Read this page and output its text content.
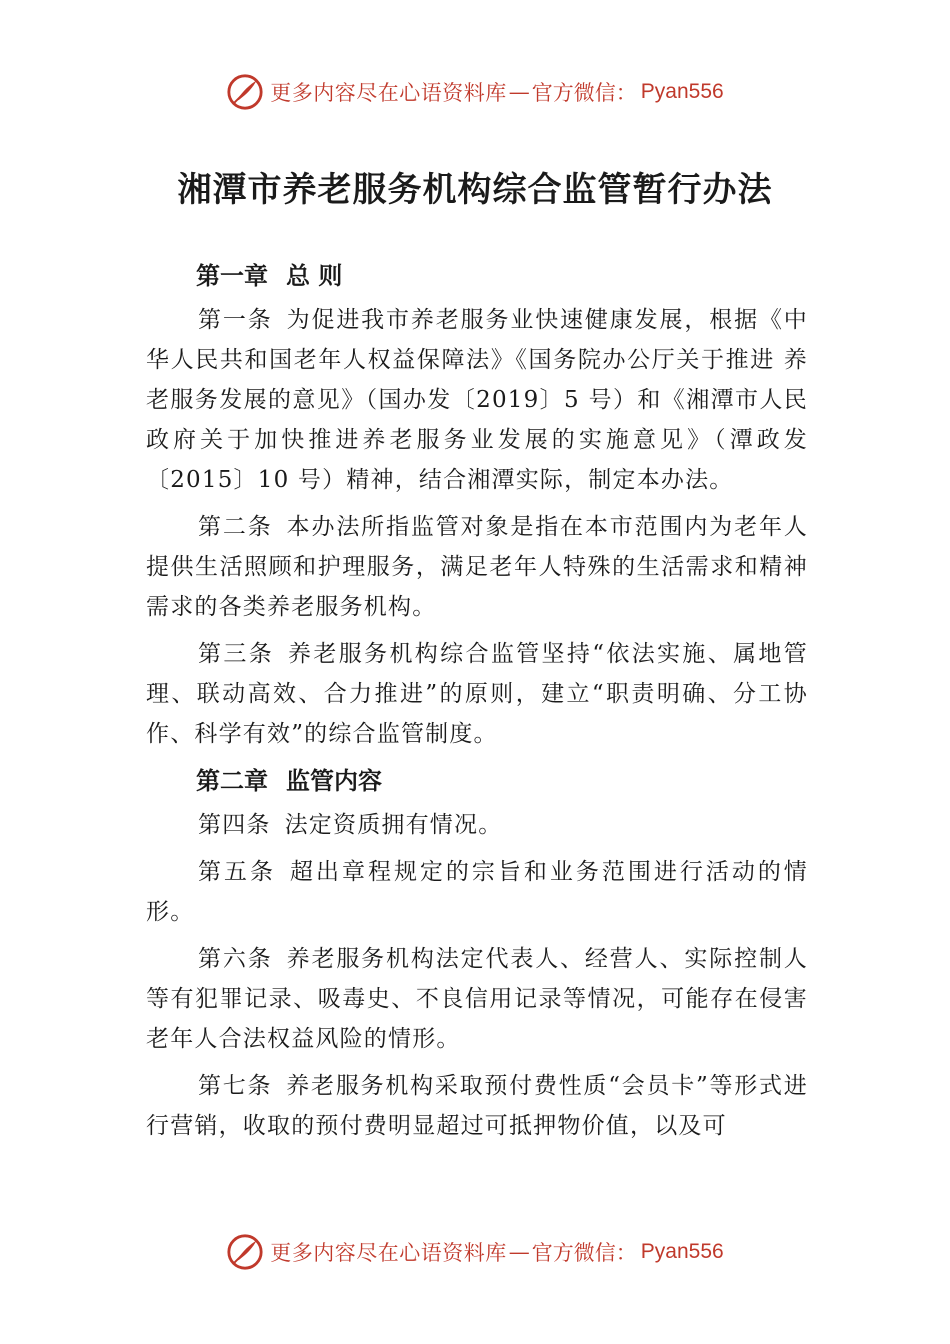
更多内容尽在心语资料库 — 官方微信： Pyan556
湘潭市养老服务机构综合监管暂行办法
第一章 总 则

第一条 为促进我市养老服务业快速健康发展，根据《中华人民共和国老年人权益保障法》《国务院办公厅关于推进 养老服务发展的意见》（国办发〔2019〕5 号）和《湘潭市人民政府关于加快推进养老服务业发展的实施意见》（潭政发〔2015〕10 号）精神，结合湘潭实际，制定本办法。

第二条 本办法所指监管对象是指在本市范围内为老年人提供生活照顾和护理服务，满足老年人特殊的生活需求和精神需求的各类养老服务机构。

第三条 养老服务机构综合监管坚持“依法实施、属地管理、联动高效、合力推进”的原则，建立“职责明确、分工协作、科学有效”的综合监管制度。

第二章 监管内容

第四条 法定资质拥有情况。

第五条 超出章程规定的宗旨和业务范围进行活动的情形。

第六条 养老服务机构法定代表人、经营人、实际控制人等有犯罪记录、吸毒史、不良信用记录等情况，可能存在侵害老年人合法权益风险的情形。

第七条 养老服务机构采取预付费性质“会员卡”等形式进行营销，收取的预付费明显超过可抵押物价值，以及可

更多内容尽在心语资料库 — 官方微信： Pyan556
